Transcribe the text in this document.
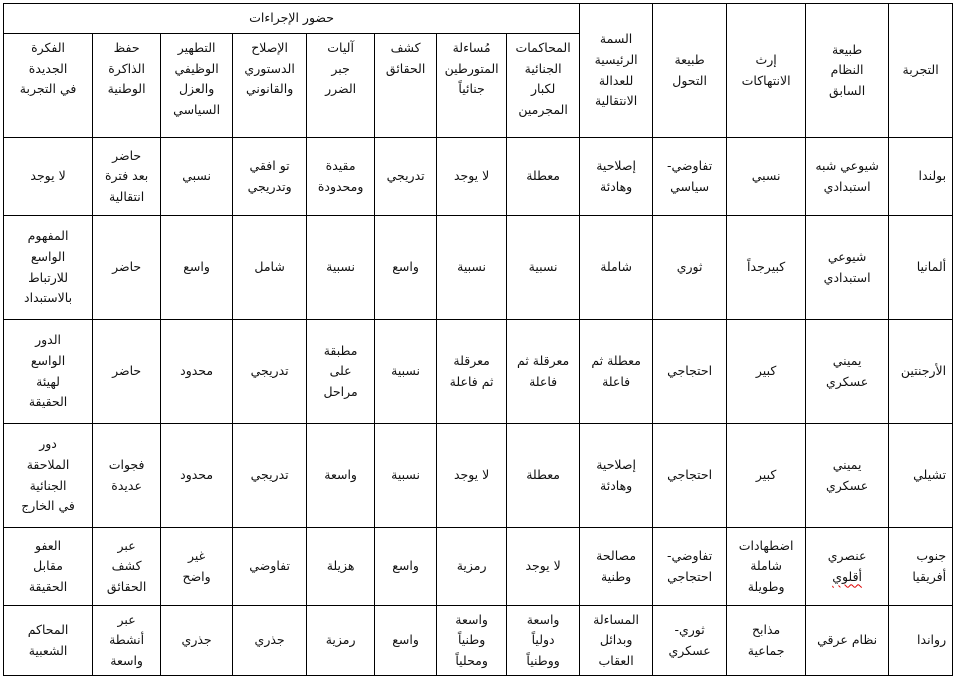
التجربة	طبيعة
النظام
السابق	إرث
الانتهاكات	طبيعة
التحول	السمة
الرئيسية
للعدالة
الانتقالية	حضور الإجراءات							
					المحاكمات
الجنائية
لكبار
المجرمين	مُساءلة
المتورطين
جنائياً	كشف
الحقائق	آليات
جبر
الضرر	الإصلاح
الدستوري
والقانوني	التطهير
الوظيفي
والعزل
السياسي	حفظ
الذاكرة
الوطنية	الفكرة
الجديدة
في التجربة
بولندا	شيوعي شبه
استبدادي	نسبي	تفاوضي-
سياسي	إصلاحية
وهادئة	معطلة	لا يوجد	تدريجي	مقيدة
ومحدودة	تو افقي
وتدريجي	نسبي	حاضر
بعد فترة
انتقالية	لا يوجد
ألمانيا	شيوعي
استبدادي	كبيرجداً	ثوري	شاملة	نسبية	نسبية	واسع	نسبية	شامل	واسع	حاضر	المفهوم
الواسع
للارتباط
بالاستبداد
الأرجنتين	يميني
عسكري	كبير	احتجاجي	معطلة ثم
فاعلة	معرقلة ثم
فاعلة	معرقلة
ثم فاعلة	نسبية	مطبقة
على
مراحل	تدريجي	محدود	حاضر	الدور
الواسع
لهيئة
الحقيقة
تشيلي	يميني
عسكري	كبير	احتجاجي	إصلاحية
وهادئة	معطلة	لا يوجد	نسبية	واسعة	تدريجي	محدود	فجوات
عديدة	دور
الملاحقة
الجنائية
في الخارج
جنوب
أفريقيا	عنصري
أقلوي	اضطهادات
شاملة
وطويلة	تفاوضي-
احتجاجي	مصالحة
وطنية	لا يوجد	رمزية	واسع	هزيلة	تفاوضي	غير
واضح	عبر
كشف
الحقائق	العفو
مقابل
الحقيقة
رواندا	نظام عرقي	مذابح
جماعية	ثوري-
عسكري	المساءلة
وبدائل
العقاب	واسعة
دولياً
ووطنياً	واسعة
وطنياً
ومحلياً	واسع	رمزية	جذري	جذري	عبر
أنشطة
واسعة	المحاكم
الشعبية
